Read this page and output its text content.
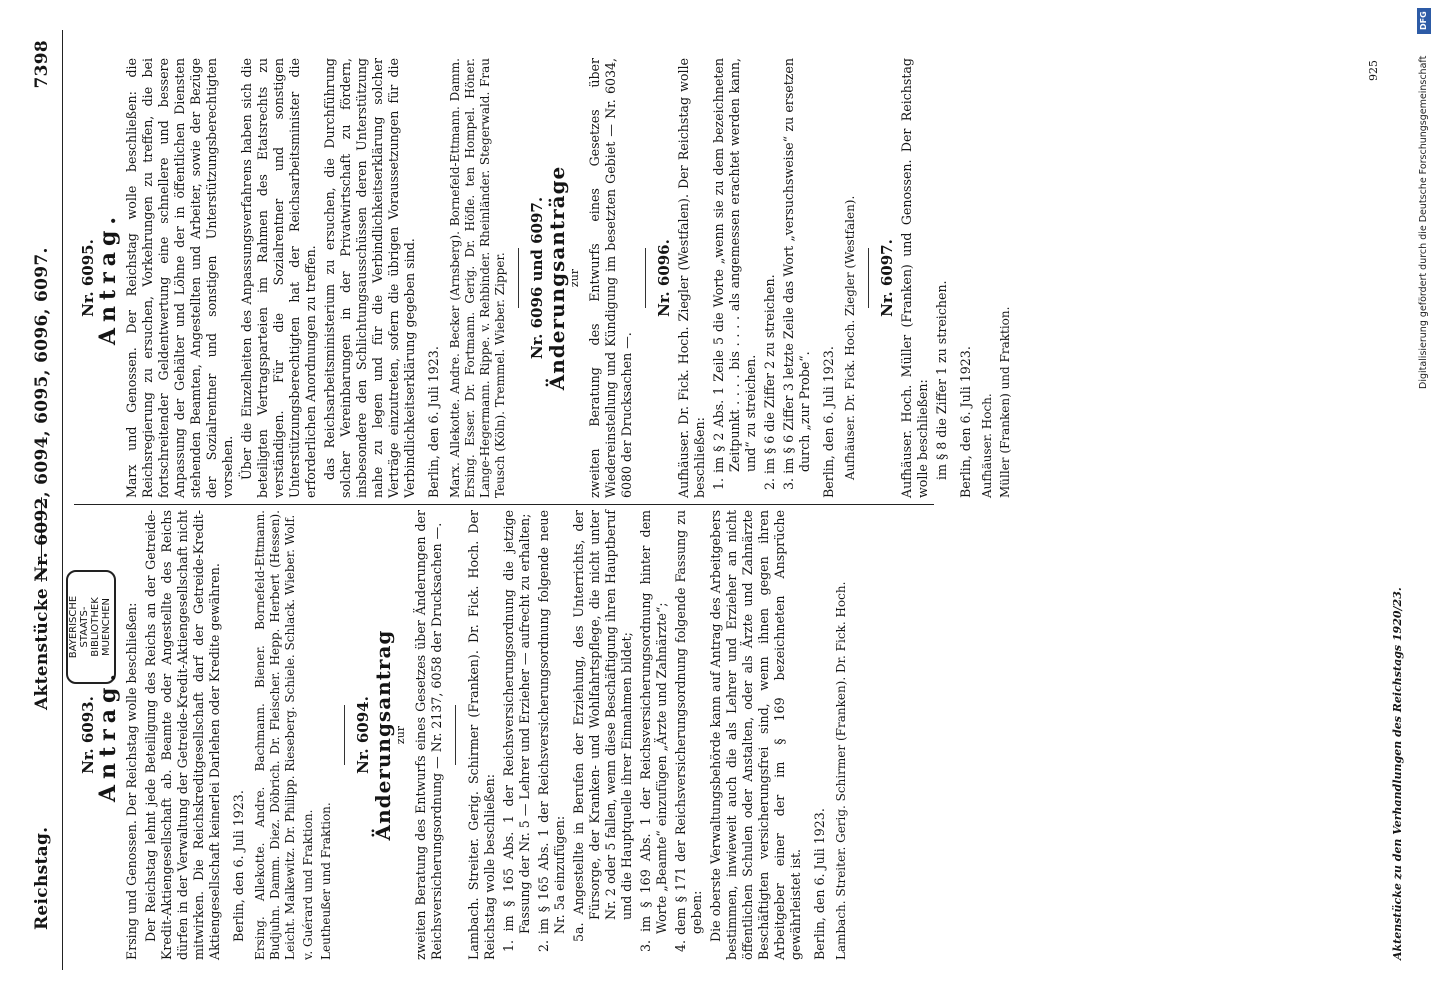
Reichstag.
Aktenstücke Nr. 6092, 6094, 6095, 6096, 6097.
7398
BAYERISCHE STAATS- BIBLIOTHEK MUENCHEN
Nr. 6093.
Antrag. Ersing und Genossen. Der Reichstag wolle beschließen: Der Reichstag lehnt jede Beteiligung des Reichs an der Getreide-Kredit-Aktiengesellschaft ab. Beamte oder Angestellte des Reichs dürfen in der Verwaltung der Getreide-Kredit-Aktiengesellschaft nicht mitwirken. Die Reichskreditgesellschaft darf der Getreide-Kredit-Aktiengesellschaft keinerlei Darlehen oder Kredite gewähren. Berlin, den 6. Juli 1923. Ersing. Allekotte. Andre. Bachmann. Biener. Bornefeld-Ettmann. Budjuhn. Damm. Diez. Döbrich. Dr. Fleischer. Hepp. Herbert (Hessen). Leicht. Malkewitz. Dr. Philipp. Rieseberg. Schiele. Schlack. Wieber. Wolf. v. Guérard und Fraktion. Leutheußer und Fraktion.

Nr. 6094. Änderungsantrag zur zweiten Beratung des Entwurfs eines Gesetzes über Änderungen der Reichsversicherungsordnung — Nr. 2137, 6058 der Drucksachen —. Lambach. Streiter. Gerig. Schirmer (Franken). Dr. Fick. Hoch. Der Reichstag wolle beschließen: 1. im § 165 Abs. 1 der Reichsversicherungsordnung die jetzige Fassung der Nr. 5 — Lehrer und Erzieher — aufrecht zu erhalten; 2. im § 165 Abs. 1 der Reichsversicherungsordnung folgende neue Nr. 5a einzufügen: 5a. Angestellte in Berufen der Erziehung, des Unterrichts, der Fürsorge, der Kranken- und Wohlfahrtspflege, die nicht unter Nr. 2 oder 5 fallen, wenn diese Beschäftigung ihren Hauptberuf und die Hauptquelle ihrer Einnahmen bildet; 3. im § 169 Abs. 1 der Reichsversicherungsordnung hinter dem Worte „Beamte“ einzufügen „Ärzte und Zahnärzte“; 4. dem § 171 der Reichsversicherungsordnung folgende Fassung zu geben: Die oberste Verwaltungsbehörde kann auf Antrag des Arbeitgebers bestimmen, inwieweit auch die als Lehrer und Erzieher an nicht öffentlichen Schulen oder Anstalten, oder als Ärzte und Zahnärzte Beschäftigten versicherungsfrei sind, wenn ihnen gegen ihren Arbeitgeber einer der im § 169 bezeichneten Ansprüche gewährleistet ist. Berlin, den 6. Juli 1923. Lambach. Streiter. Gerig. Schirmer (Franken). Dr. Fick. Hoch.

Nr. 6095.
Antrag. Marx und Genossen. Der Reichstag wolle beschließen: die Reichsregierung zu ersuchen, Vorkehrungen zu treffen, die bei fortschreitender Geldentwertung eine schnellere und bessere Anpassung der Gehälter und Löhne der in öffentlichen Diensten stehenden Beamten, Angestellten und Arbeiter, sowie der Bezüge der Sozialrentner und sonstigen Unterstützungsberechtigten vorsehen. Über die Einzelheiten des Anpassungsverfahrens haben sich die beteiligten Vertragsparteien im Rahmen des Etatsrechts zu verständigen. Für die Sozialrentner und sonstigen Unterstützungsberechtigten hat der Reichsarbeitsminister die erforderlichen Anordnungen zu treffen. das Reichsarbeitsministerium zu ersuchen, die Durchführung solcher Vereinbarungen in der Privatwirtschaft zu fördern, insbesondere den Schlichtungsausschüssen deren Unterstützung nahe zu legen und für die Verbindlichkeitserklärung solcher Verträge einzutreten, sofern die übrigen Voraussetzungen für die Verbindlichkeitserklärung gegeben sind. Berlin, den 6. Juli 1923. Marx. Allekotte. Andre. Becker (Arnsberg). Bornefeld-Ettmann. Damm. Ersing. Esser. Dr. Fortmann. Gerig. Dr. Höfle. ten Hompel. Höner. Lange-Hegermann. Rippe. v. Rehbinder. Rheinländer. Stegerwald. Frau Teusch (Köln). Tremmel. Wieber. Zipper. Nr. 6096 und 6097. Änderungsanträge zur zweiten Beratung des Entwurfs eines Gesetzes über Wiedereinstellung und Kündigung im besetzten Gebiet — Nr. 6034, 6080 der Drucksachen —.

Nr. 6096. Aufhäuser. Dr. Fick. Hoch. Ziegler (Westfalen). Der Reichstag wolle beschließen: 1. im § 2 Abs. 1 Zeile 5 die Worte „wenn sie zu dem bezeichneten Zeitpunkt . . . . bis . . . . als angemessen erachtet werden kann, und“ zu streichen. 2. im § 6 die Ziffer 2 zu streichen. 3. im § 6 Ziffer 3 letzte Zeile das Wort „versuchsweise“ zu ersetzen durch „zur Probe“. Berlin, den 6. Juli 1923. Aufhäuser. Dr. Fick. Hoch. Ziegler (Westfalen). Nr. 6097. Aufhäuser. Hoch. Müller (Franken) und Genossen. Der Reichstag wolle beschließen: im § 8 die Ziffer 1 zu streichen. Berlin, den 6. Juli 1923. Aufhäuser. Hoch. Müller (Franken) und Fraktion.

Aktenstücke zu den Verhandlungen des Reichstags 1920/23.
925
DFG
Digitalisierung gefördert durch die Deutsche Forschungsgemeinschaft
